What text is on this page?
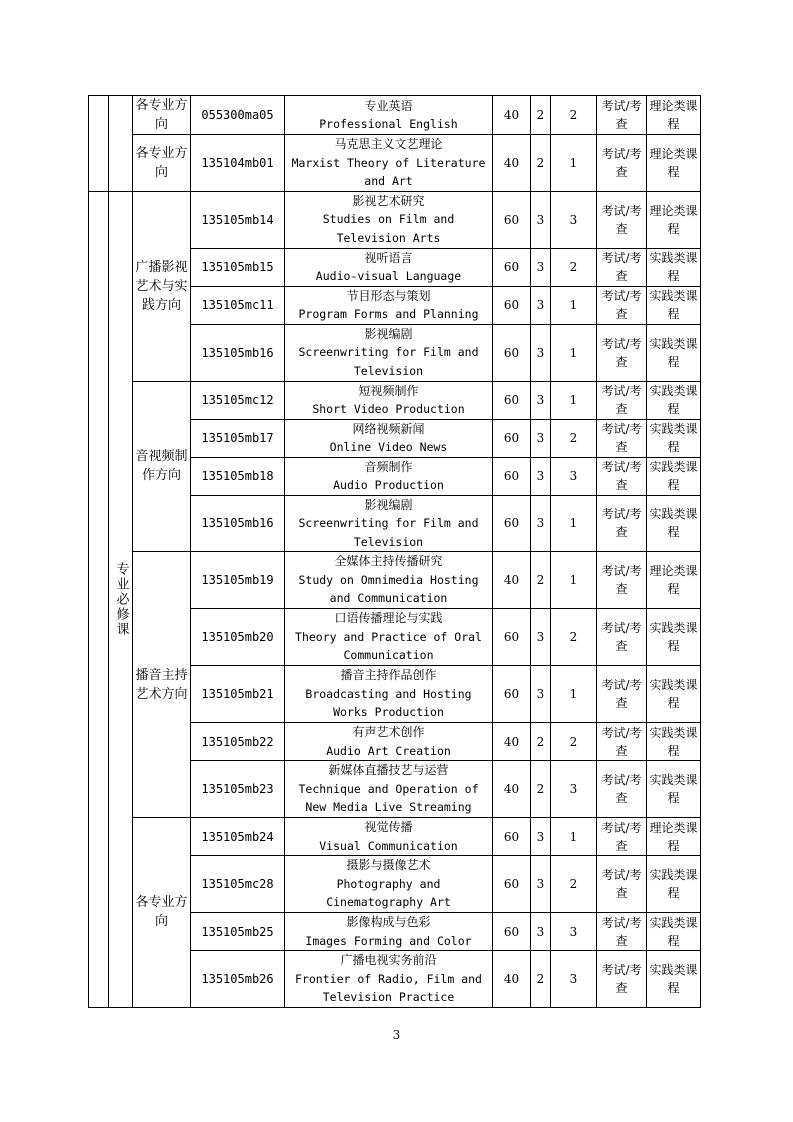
		各专业方向	055300ma05	专业英语
Professional English	40	2	2	考试/考查	理论类课程
		各专业方向	135104mb01	马克思主义文艺理论
Marxist Theory of Literature and Art	40	2	1	考试/考查	理论类课程
	专业必修课	广播影视艺术与实践方向	135105mb14	影视艺术研究
Studies on Film and Television Arts	60	3	3	考试/考查	理论类课程
			135105mb15	视听语言
Audio-visual Language	60	3	2	考试/考查	实践类课程
			135105mc11	节目形态与策划
Program Forms and Planning	60	3	1	考试/考查	实践类课程
			135105mb16	影视编剧
Screenwriting for Film and Television	60	3	1	考试/考查	实践类课程
		音视频制作方向	135105mc12	短视频制作
Short Video Production	60	3	1	考试/考查	实践类课程
			135105mb17	网络视频新闻
Online Video News	60	3	2	考试/考查	实践类课程
			135105mb18	音频制作
Audio Production	60	3	3	考试/考查	实践类课程
			135105mb16	影视编剧
Screenwriting for Film and Television	60	3	1	考试/考查	实践类课程
		播音主持艺术方向	135105mb19	全媒体主持传播研究
Study on Omnimedia Hosting and Communication	40	2	1	考试/考查	理论类课程
			135105mb20	口语传播理论与实践
Theory and Practice of Oral Communication	60	3	2	考试/考查	实践类课程
			135105mb21	播音主持作品创作
Broadcasting and Hosting Works Production	60	3	1	考试/考查	实践类课程
			135105mb22	有声艺术创作
Audio Art Creation	40	2	2	考试/考查	实践类课程
			135105mb23	新媒体直播技艺与运营
Technique and Operation of New Media Live Streaming	40	2	3	考试/考查	实践类课程
		各专业方向	135105mb24	视觉传播
Visual Communication	60	3	1	考试/考查	理论类课程
			135105mc28	摄影与摄像艺术
Photography and Cinematography Art	60	3	2	考试/考查	实践类课程
			135105mb25	影像构成与色彩
Images Forming and Color	60	3	3	考试/考查	实践类课程
			135105mb26	广播电视实务前沿
Frontier of Radio, Film and Television Practice	40	2	3	考试/考查	实践类课程
3
